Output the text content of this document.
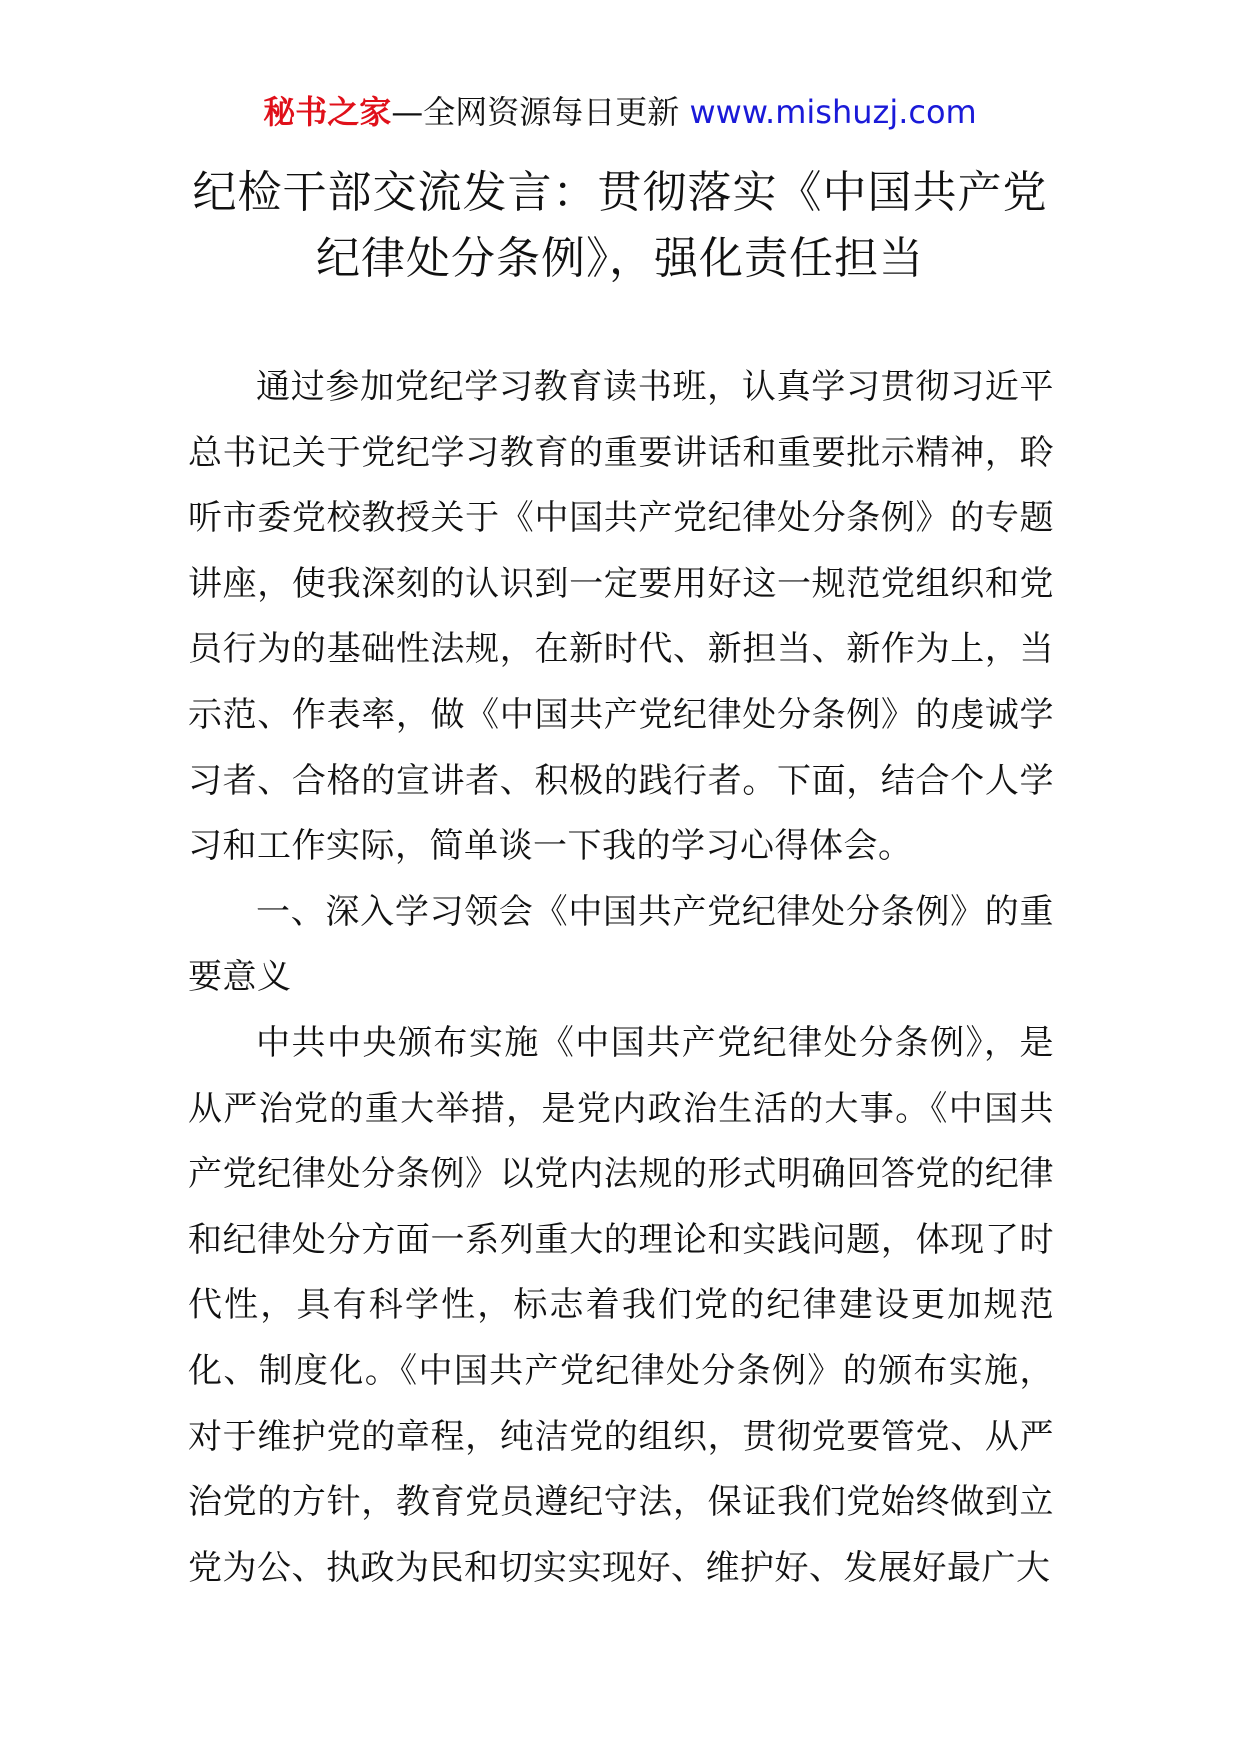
秘书之家—全网资源每日更新 www.mishuzj.com
纪检干部交流发言：贯彻落实《中国共产党纪律处分条例》，强化责任担当

通过参加党纪学习教育读书班，认真学习贯彻习近平总书记关于党纪学习教育的重要讲话和重要批示精神，聆听市委党校教授关于《中国共产党纪律处分条例》的专题讲座，使我深刻的认识到一定要用好这一规范党组织和党员行为的基础性法规，在新时代、新担当、新作为上，当示范、作表率，做《中国共产党纪律处分条例》的虔诚学习者、合格的宣讲者、积极的践行者。下面，结合个人学习和工作实际，简单谈一下我的学习心得体会。

一、深入学习领会《中国共产党纪律处分条例》的重要意义

中共中央颁布实施《中国共产党纪律处分条例》，是从严治党的重大举措，是党内政治生活的大事。《中国共产党纪律处分条例》以党内法规的形式明确回答党的纪律和纪律处分方面一系列重大的理论和实践问题，体现了时代性，具有科学性，标志着我们党的纪律建设更加规范化、制度化。《中国共产党纪律处分条例》的颁布实施，对于维护党的章程，纯洁党的组织，贯彻党要管党、从严治党的方针，教育党员遵纪守法，保证我们党始终做到立党为公、执政为民和切实实现好、维护好、发展好最广大
